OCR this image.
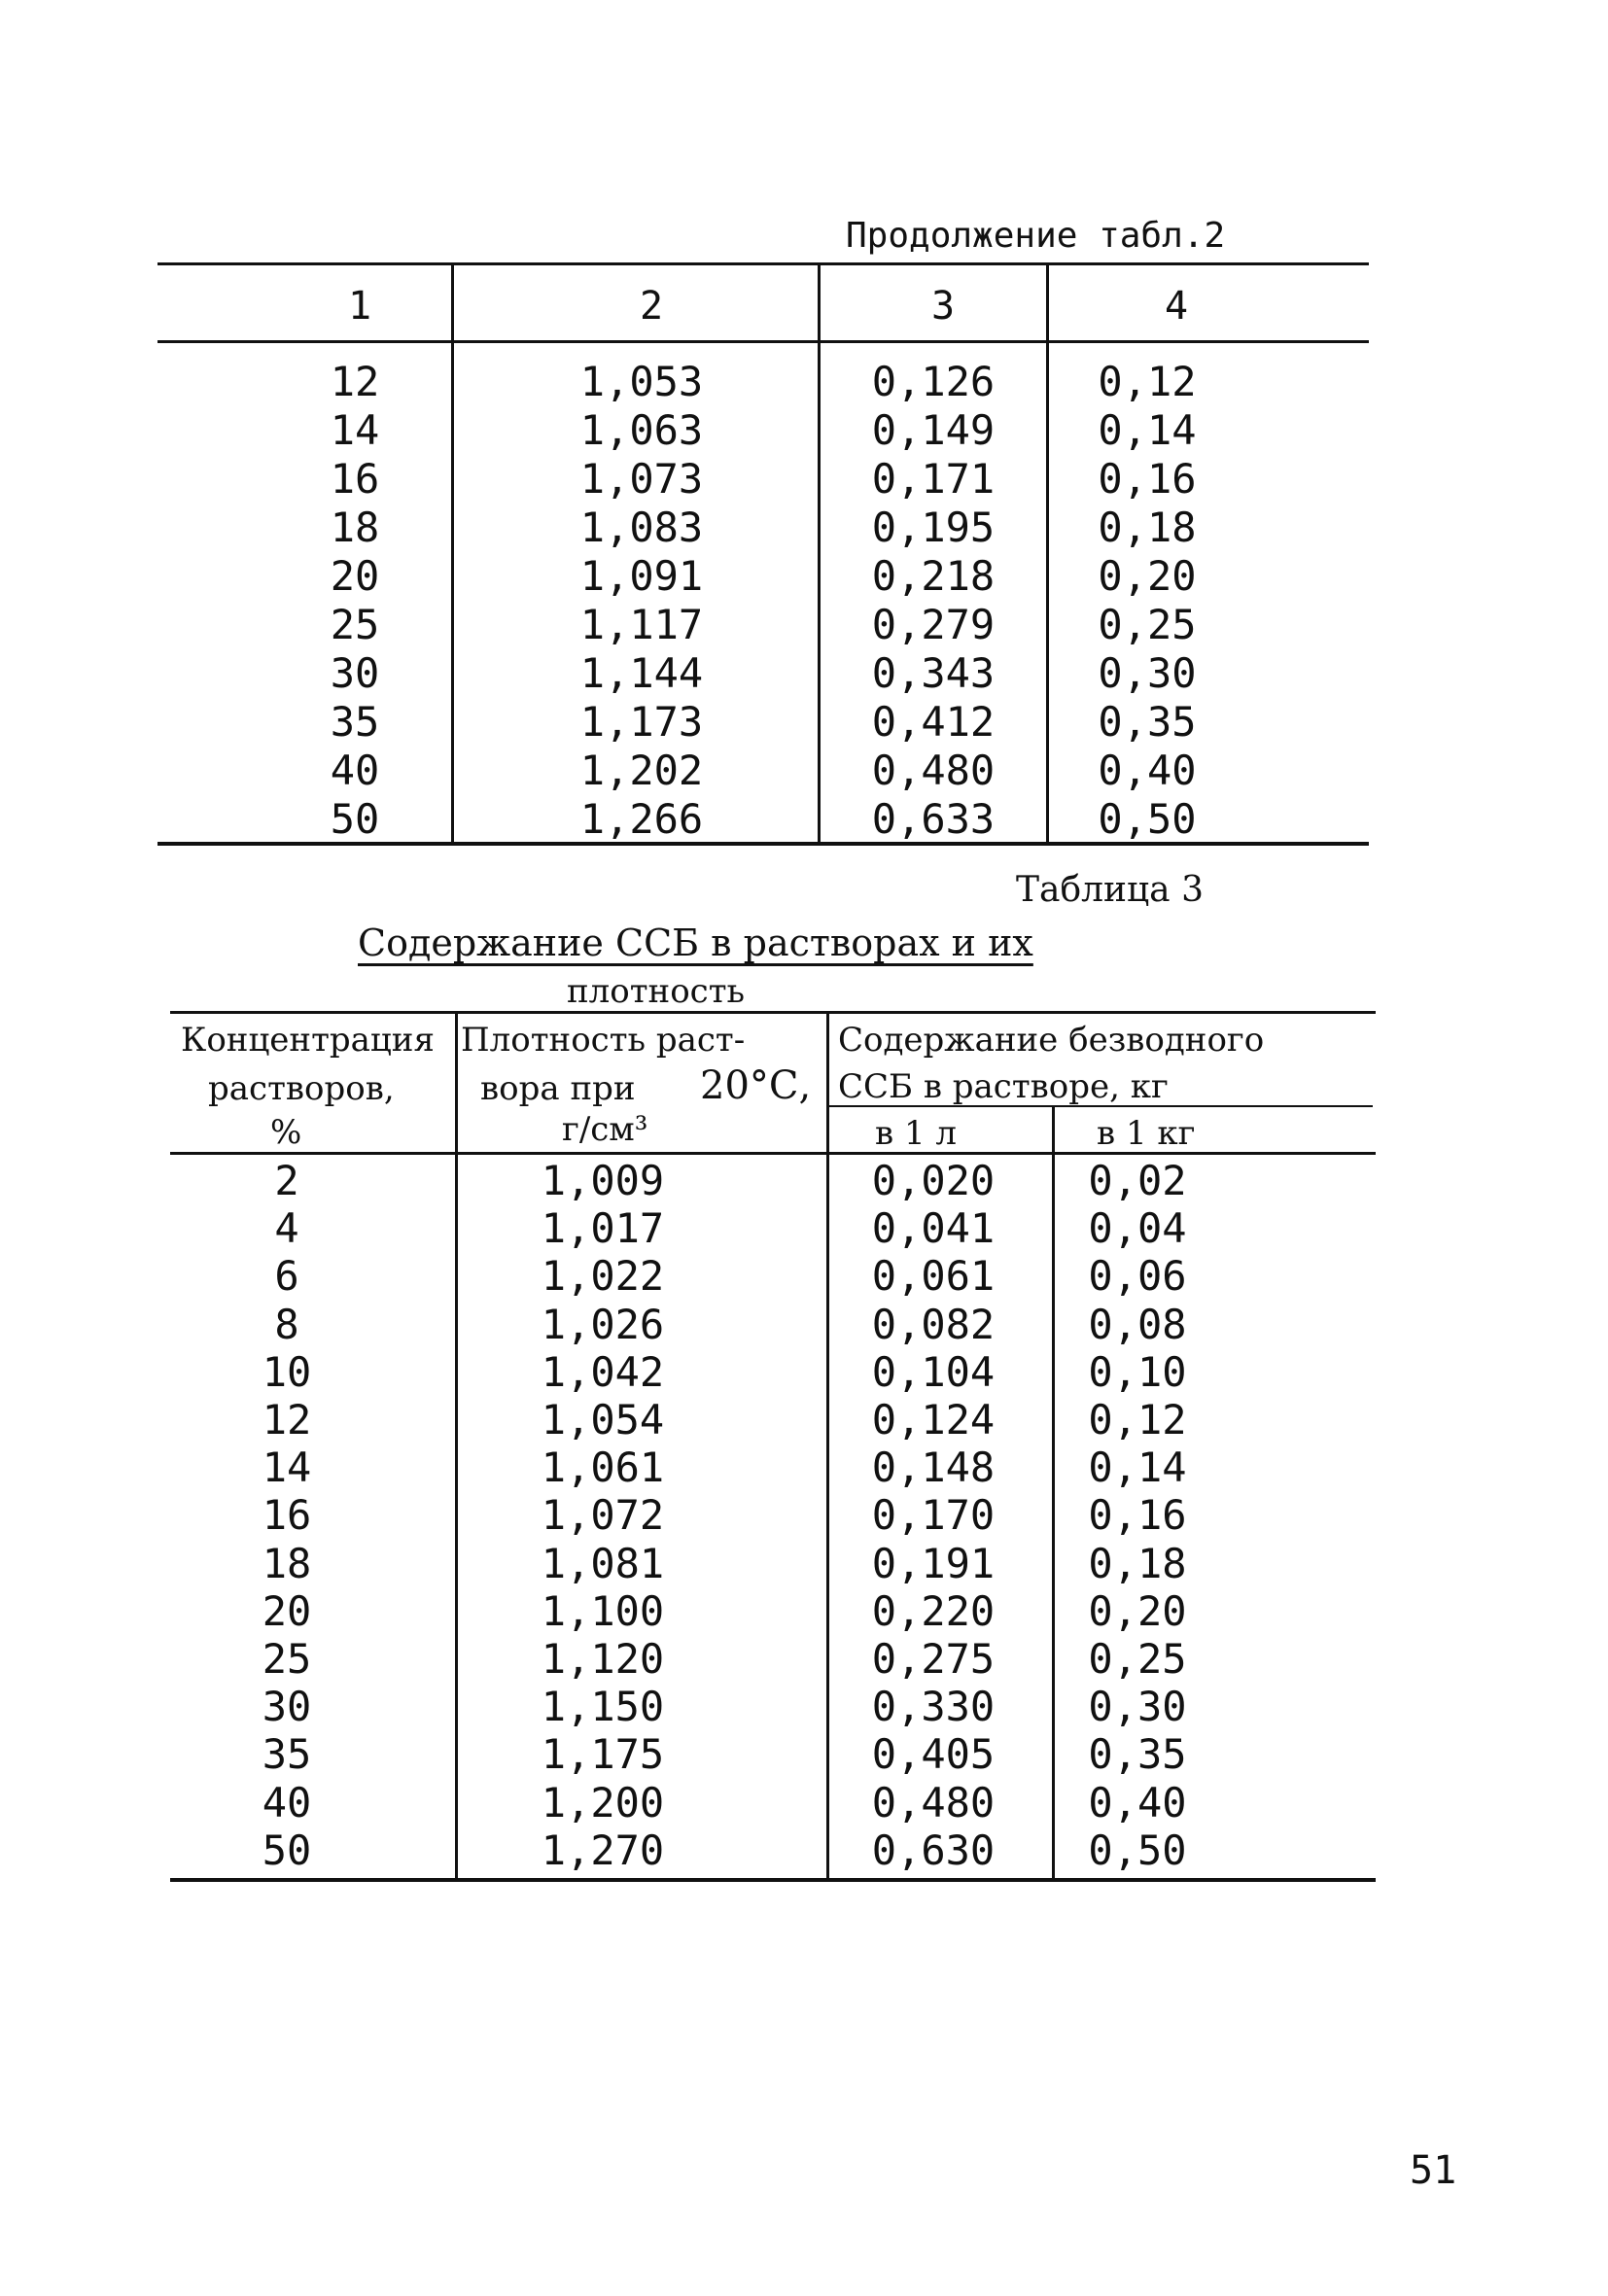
Продолжение табл.2
1	2	3	4
12	1,053	0,126	0,12
14	1,063	0,149	0,14
16	1,073	0,171	0,16
18	1,083	0,195	0,18
20	1,091	0,218	0,20
25	1,117	0,279	0,25
30	1,144	0,343	0,30
35	1,173	0,412	0,35
40	1,202	0,480	0,40
50	1,266	0,633	0,50
Таблица 3
Содержание ССБ в растворах и их
плотность
Концентрация
растворов,
%
Плотность раст-
вора при 20°С,
г/см³
Содержание безводного
ССБ в растворе, кг
в 1 л	в 1 кг
2	1,009	0,020	0,02
4	1,017	0,041	0,04
6	1,022	0,061	0,06
8	1,026	0,082	0,08
10	1,042	0,104	0,10
12	1,054	0,124	0,12
14	1,061	0,148	0,14
16	1,072	0,170	0,16
18	1,081	0,191	0,18
20	1,100	0,220	0,20
25	1,120	0,275	0,25
30	1,150	0,330	0,30
35	1,175	0,405	0,35
40	1,200	0,480	0,40
50	1,270	0,630	0,50
51
